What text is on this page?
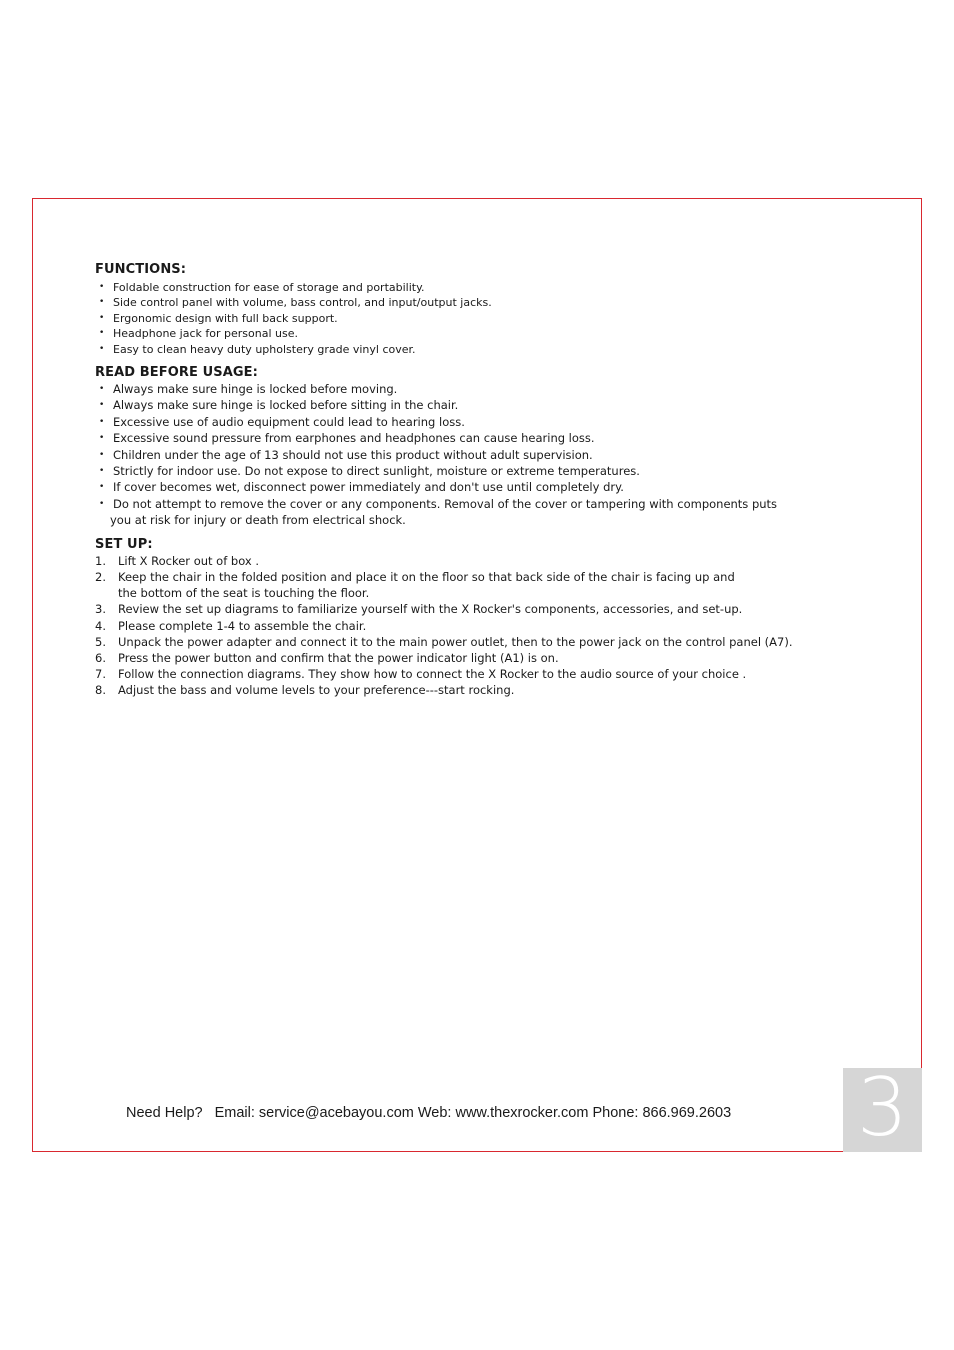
FUNCTIONS:
• Foldable construction for ease of storage and portability.
• Side control panel with volume, bass control, and input/output jacks.
• Ergonomic design with full back support.
• Headphone jack for personal use.
• Easy to clean heavy duty upholstery grade vinyl cover.
READ BEFORE USAGE:
• Always make sure hinge is locked before moving.
• Always make sure hinge is locked before sitting in the chair.
• Excessive use of audio equipment could lead to hearing loss.
• Excessive sound pressure from earphones and headphones can cause hearing loss.
• Children under the age of 13 should not use this product without adult supervision.
• Strictly for indoor use. Do not expose to direct sunlight, moisture or extreme temperatures.
• If cover becomes wet, disconnect power immediately and don't use until completely dry.
• Do not attempt to remove the cover or any components. Removal of the cover or tampering with components puts
you at risk for injury or death from electrical shock.
SET UP:
1. Lift X Rocker out of box .
2. Keep the chair in the folded position and place it on the floor so that back side of the chair is facing up and
the bottom of the seat is touching the floor.
3. Review the set up diagrams to familiarize yourself with the X Rocker's components, accessories, and set-up.
4. Please complete 1-4 to assemble the chair.
5. Unpack the power adapter and connect it to the main power outlet, then to the power jack on the control panel (A7).
6. Press the power button and confirm that the power indicator light (A1) is on.
7. Follow the connection diagrams. They show how to connect the X Rocker to the audio source of your choice .
8. Adjust the bass and volume levels to your preference---start rocking.
Need Help? Email: service@acebayou.com Web: www.thexrocker.com Phone: 866.969.2603 3
